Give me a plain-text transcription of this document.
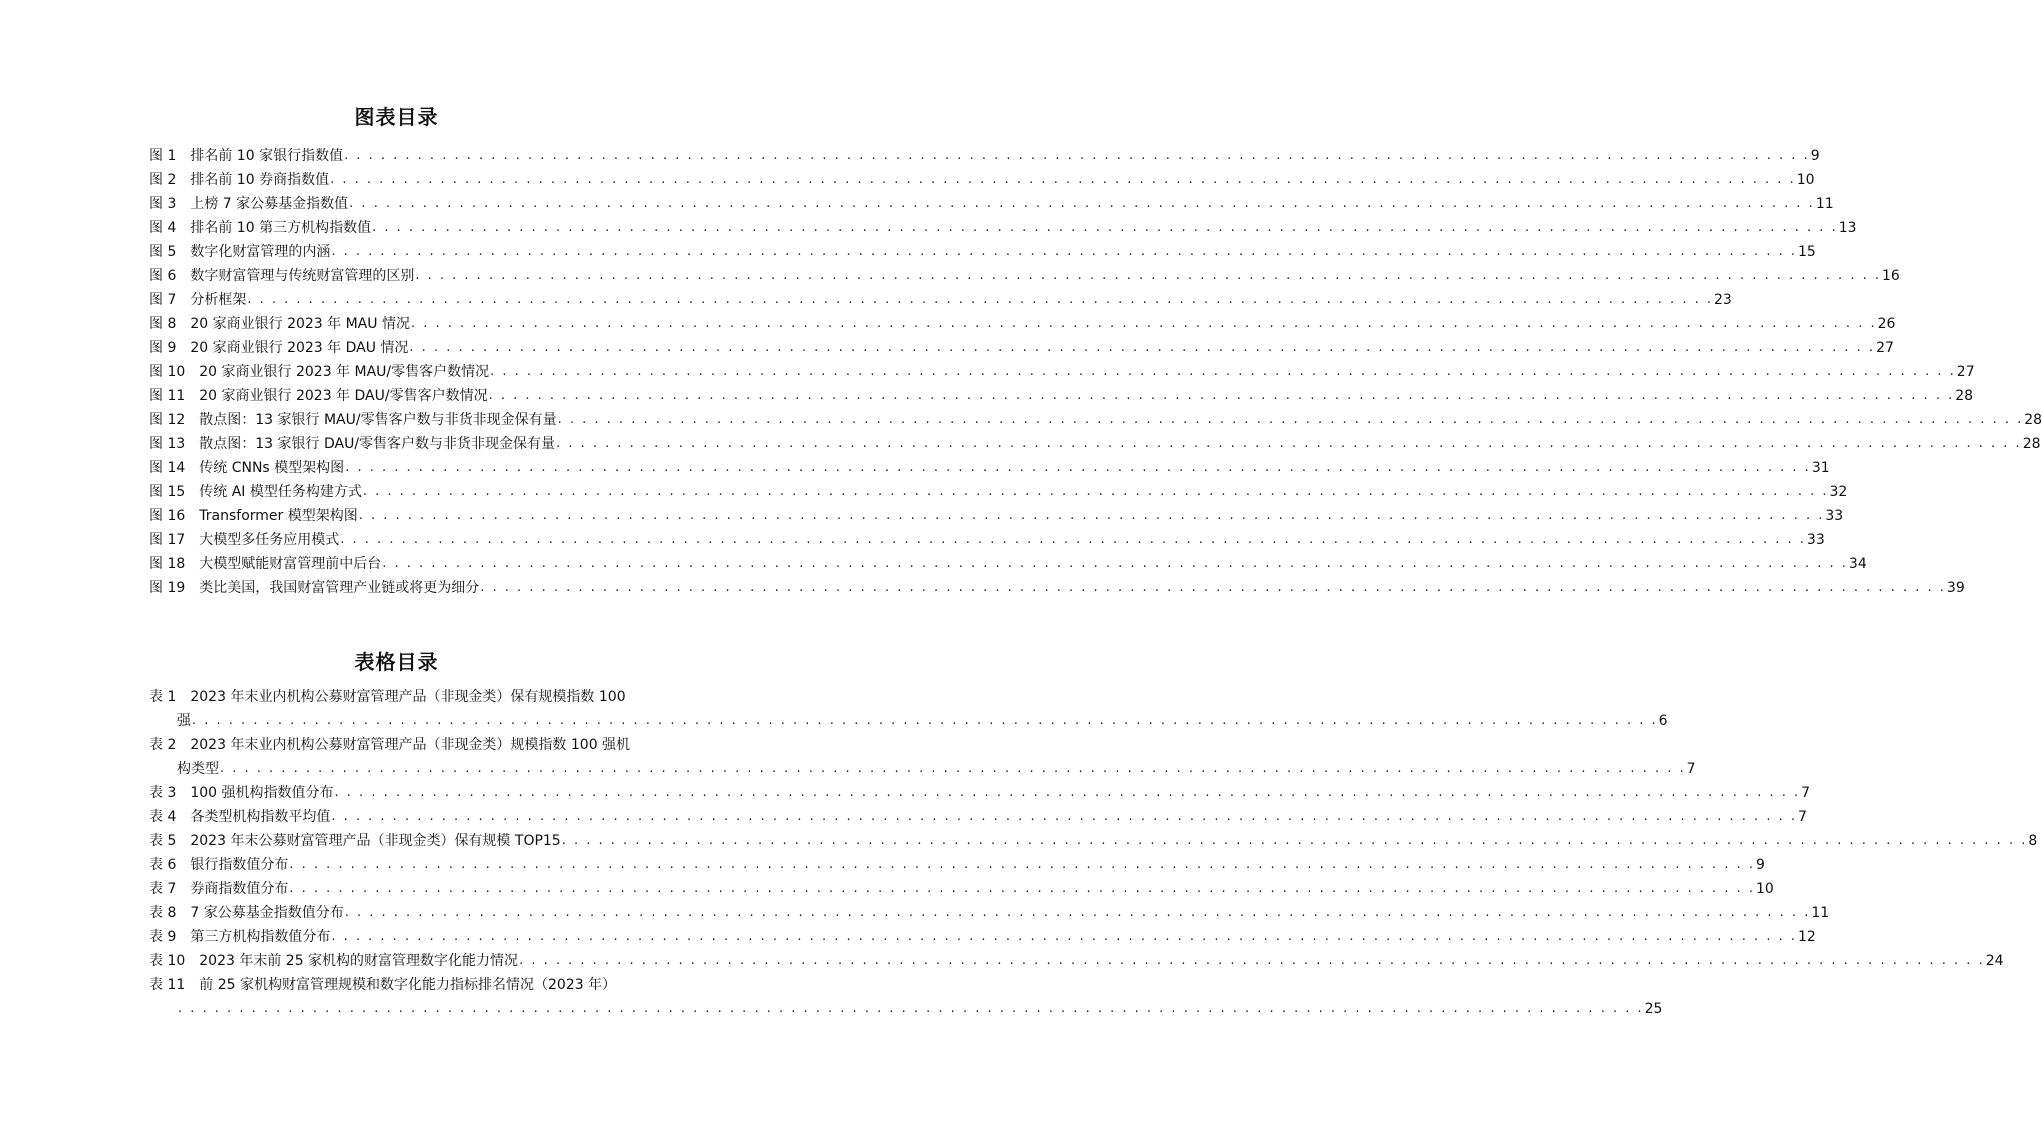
图表目录
图 1 排名前 10 家银行指数值 . . . . . . . . . . . . . . . . . . . . . . . . . . . . . . . . . . . . . . . . . . . . . . . . . . . . . . . . . . . . . . . . . . . . . . . . . . . . . . . . . . . . . . . . . . . . . . . . . . . . . . . . . . . . . . . . . . . . . . . . 9
图 2 排名前 10 券商指数值 . . . . . . . . . . . . . . . . . . . . . . . . . . . . . . . . . . . . . . . . . . . . . . . . . . . . . . . . . . . . . . . . . . . . . . . . . . . . . . . . . . . . . . . . . . . . . . . . . . . . . . . . . . . . . . . . . . . . . . . . 10
图 3 上榜 7 家公募基金指数值 . . . . . . . . . . . . . . . . . . . . . . . . . . . . . . . . . . . . . . . . . . . . . . . . . . . . . . . . . . . . . . . . . . . . . . . . . . . . . . . . . . . . . . . . . . . . . . . . . . . . . . . . . . . . . . . . . . . . . . . . 11
图 4 排名前 10 第三方机构指数值 . . . . . . . . . . . . . . . . . . . . . . . . . . . . . . . . . . . . . . . . . . . . . . . . . . . . . . . . . . . . . . . . . . . . . . . . . . . . . . . . . . . . . . . . . . . . . . . . . . . . . . . . . . . . . . . . . . . . . . . . 13
图 5 数字化财富管理的内涵 . . . . . . . . . . . . . . . . . . . . . . . . . . . . . . . . . . . . . . . . . . . . . . . . . . . . . . . . . . . . . . . . . . . . . . . . . . . . . . . . . . . . . . . . . . . . . . . . . . . . . . . . . . . . . . . . . . . . . . . . 15
图 6 数字财富管理与传统财富管理的区别 . . . . . . . . . . . . . . . . . . . . . . . . . . . . . . . . . . . . . . . . . . . . . . . . . . . . . . . . . . . . . . . . . . . . . . . . . . . . . . . . . . . . . . . . . . . . . . . . . . . . . . . . . . . . . . . . . . . . . . . . 16
图 7 分析框架 . . . . . . . . . . . . . . . . . . . . . . . . . . . . . . . . . . . . . . . . . . . . . . . . . . . . . . . . . . . . . . . . . . . . . . . . . . . . . . . . . . . . . . . . . . . . . . . . . . . . . . . . . . . . . . . . . . . . . . . . 23
图 8 20 家商业银行 2023 年 MAU 情况 . . . . . . . . . . . . . . . . . . . . . . . . . . . . . . . . . . . . . . . . . . . . . . . . . . . . . . . . . . . . . . . . . . . . . . . . . . . . . . . . . . . . . . . . . . . . . . . . . . . . . . . . . . . . . . . . . . . . . . . . 26
图 9 20 家商业银行 2023 年 DAU 情况 . . . . . . . . . . . . . . . . . . . . . . . . . . . . . . . . . . . . . . . . . . . . . . . . . . . . . . . . . . . . . . . . . . . . . . . . . . . . . . . . . . . . . . . . . . . . . . . . . . . . . . . . . . . . . . . . . . . . . . . . 27
图 10 20 家商业银行 2023 年 MAU/零售客户数情况 . . . . . . . . . . . . . . . . . . . . . . . . . . . . . . . . . . . . . . . . . . . . . . . . . . . . . . . . . . . . . . . . . . . . . . . . . . . . . . . . . . . . . . . . . . . . . . . . . . . . . . . . . . . . . . . . . . . . . . . . 27
图 11 20 家商业银行 2023 年 DAU/零售客户数情况 . . . . . . . . . . . . . . . . . . . . . . . . . . . . . . . . . . . . . . . . . . . . . . . . . . . . . . . . . . . . . . . . . . . . . . . . . . . . . . . . . . . . . . . . . . . . . . . . . . . . . . . . . . . . . . . . . . . . . . . . 28
图 12 散点图：13 家银行 MAU/零售客户数与非货非现金保有量 . . . . . . . . . . . . . . . . . . . . . . . . . . . . . . . . . . . . . . . . . . . . . . . . . . . . . . . . . . . . . . . . . . . . . . . . . . . . . . . . . . . . . . . . . . . . . . . . . . . . . . . . . . . . . . . . . . . . . . . . 28
图 13 散点图：13 家银行 DAU/零售客户数与非货非现金保有量 . . . . . . . . . . . . . . . . . . . . . . . . . . . . . . . . . . . . . . . . . . . . . . . . . . . . . . . . . . . . . . . . . . . . . . . . . . . . . . . . . . . . . . . . . . . . . . . . . . . . . . . . . . . . . . . . . . . . . . . . 28
图 14 传统 CNNs 模型架构图 . . . . . . . . . . . . . . . . . . . . . . . . . . . . . . . . . . . . . . . . . . . . . . . . . . . . . . . . . . . . . . . . . . . . . . . . . . . . . . . . . . . . . . . . . . . . . . . . . . . . . . . . . . . . . . . . . . . . . . . . 31
图 15 传统 AI 模型任务构建方式 . . . . . . . . . . . . . . . . . . . . . . . . . . . . . . . . . . . . . . . . . . . . . . . . . . . . . . . . . . . . . . . . . . . . . . . . . . . . . . . . . . . . . . . . . . . . . . . . . . . . . . . . . . . . . . . . . . . . . . . . 32
图 16 Transformer 模型架构图 . . . . . . . . . . . . . . . . . . . . . . . . . . . . . . . . . . . . . . . . . . . . . . . . . . . . . . . . . . . . . . . . . . . . . . . . . . . . . . . . . . . . . . . . . . . . . . . . . . . . . . . . . . . . . . . . . . . . . . . . 33
图 17 大模型多任务应用模式 . . . . . . . . . . . . . . . . . . . . . . . . . . . . . . . . . . . . . . . . . . . . . . . . . . . . . . . . . . . . . . . . . . . . . . . . . . . . . . . . . . . . . . . . . . . . . . . . . . . . . . . . . . . . . . . . . . . . . . . . 33
图 18 大模型赋能财富管理前中后台 . . . . . . . . . . . . . . . . . . . . . . . . . . . . . . . . . . . . . . . . . . . . . . . . . . . . . . . . . . . . . . . . . . . . . . . . . . . . . . . . . . . . . . . . . . . . . . . . . . . . . . . . . . . . . . . . . . . . . . . . 34
图 19 类比美国，我国财富管理产业链或将更为细分 . . . . . . . . . . . . . . . . . . . . . . . . . . . . . . . . . . . . . . . . . . . . . . . . . . . . . . . . . . . . . . . . . . . . . . . . . . . . . . . . . . . . . . . . . . . . . . . . . . . . . . . . . . . . . . . . . . . . . . . . 39
表格目录
表 1 2023 年末业内机构公募财富管理产品（非现金类）保有规模指数 100
强 . . . . . . . . . . . . . . . . . . . . . . . . . . . . . . . . . . . . . . . . . . . . . . . . . . . . . . . . . . . . . . . . . . . . . . . . . . . . . . . . . . . . . . . . . . . . . . . . . . . . . . . . . . . . . . . . . . . . . . . . 6
表 2 2023 年末业内机构公募财富管理产品（非现金类）规模指数 100 强机
构类型 . . . . . . . . . . . . . . . . . . . . . . . . . . . . . . . . . . . . . . . . . . . . . . . . . . . . . . . . . . . . . . . . . . . . . . . . . . . . . . . . . . . . . . . . . . . . . . . . . . . . . . . . . . . . . . . . . . . . . . . . 7
表 3 100 强机构指数值分布 . . . . . . . . . . . . . . . . . . . . . . . . . . . . . . . . . . . . . . . . . . . . . . . . . . . . . . . . . . . . . . . . . . . . . . . . . . . . . . . . . . . . . . . . . . . . . . . . . . . . . . . . . . . . . . . . . . . . . . . . 7
表 4 各类型机构指数平均值 . . . . . . . . . . . . . . . . . . . . . . . . . . . . . . . . . . . . . . . . . . . . . . . . . . . . . . . . . . . . . . . . . . . . . . . . . . . . . . . . . . . . . . . . . . . . . . . . . . . . . . . . . . . . . . . . . . . . . . . . 7
表 5 2023 年末公募财富管理产品（非现金类）保有规模 TOP15 . . . . . . . . . . . . . . . . . . . . . . . . . . . . . . . . . . . . . . . . . . . . . . . . . . . . . . . . . . . . . . . . . . . . . . . . . . . . . . . . . . . . . . . . . . . . . . . . . . . . . . . . . . . . . . . . . . . . . . . . 8
表 6 银行指数值分布 . . . . . . . . . . . . . . . . . . . . . . . . . . . . . . . . . . . . . . . . . . . . . . . . . . . . . . . . . . . . . . . . . . . . . . . . . . . . . . . . . . . . . . . . . . . . . . . . . . . . . . . . . . . . . . . . . . . . . . . . 9
表 7 券商指数值分布 . . . . . . . . . . . . . . . . . . . . . . . . . . . . . . . . . . . . . . . . . . . . . . . . . . . . . . . . . . . . . . . . . . . . . . . . . . . . . . . . . . . . . . . . . . . . . . . . . . . . . . . . . . . . . . . . . . . . . . . . 10
表 8 7 家公募基金指数值分布 . . . . . . . . . . . . . . . . . . . . . . . . . . . . . . . . . . . . . . . . . . . . . . . . . . . . . . . . . . . . . . . . . . . . . . . . . . . . . . . . . . . . . . . . . . . . . . . . . . . . . . . . . . . . . . . . . . . . . . . . 11
表 9 第三方机构指数值分布 . . . . . . . . . . . . . . . . . . . . . . . . . . . . . . . . . . . . . . . . . . . . . . . . . . . . . . . . . . . . . . . . . . . . . . . . . . . . . . . . . . . . . . . . . . . . . . . . . . . . . . . . . . . . . . . . . . . . . . . . 12
表 10 2023 年末前 25 家机构的财富管理数字化能力情况 . . . . . . . . . . . . . . . . . . . . . . . . . . . . . . . . . . . . . . . . . . . . . . . . . . . . . . . . . . . . . . . . . . . . . . . . . . . . . . . . . . . . . . . . . . . . . . . . . . . . . . . . . . . . . . . . . . . . . . . . 24
表 11 前 25 家机构财富管理规模和数字化能力指标排名情况（2023 年）
. . . . . . . . . . . . . . . . . . . . . . . . . . . . . . . . . . . . . . . . . . . . . . . . . . . . . . . . . . . . . . . . . . . . . . . . . . . . . . . . . . . . . . . . . . . . . . . . . . . . . . . . . . . . . . . . . . . . . . . . 25
